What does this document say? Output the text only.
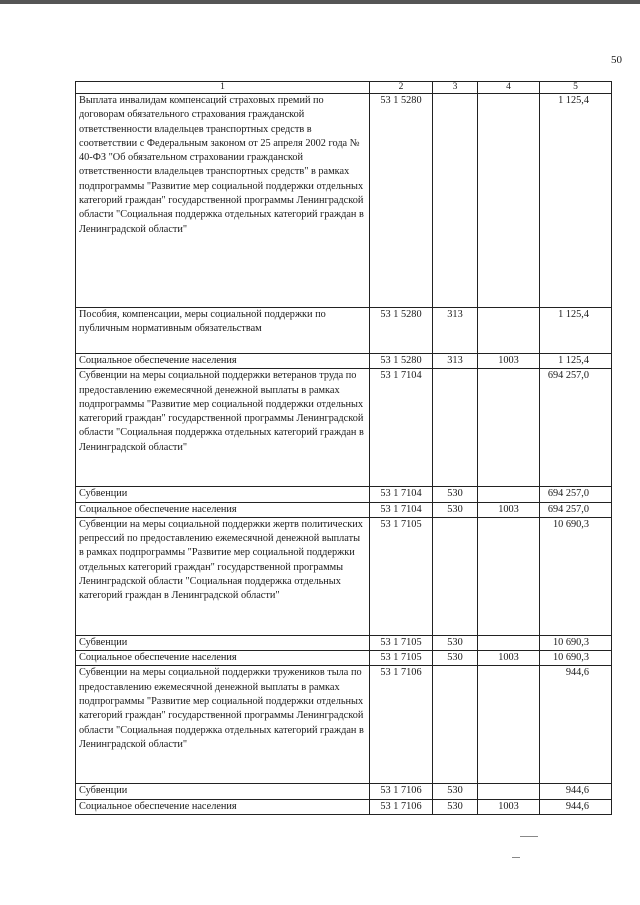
50
1	2	3	4	5
Выплата инвалидам компенсаций страховых премий по договорам обязательного страхования гражданской ответственности владельцев транспортных средств в соответствии с Федеральным законом от 25 апреля 2002 года № 40-ФЗ "Об обязательном страховании гражданской ответственности владельцев транспортных средств" в рамках подпрограммы "Развитие мер социальной поддержки отдельных категорий граждан" государственной программы Ленинградской области "Социальная поддержка отдельных категорий граждан в Ленинградской области"	53 1 5280			1 125,4
Пособия, компенсации, меры социальной поддержки по публичным нормативным обязательствам	53 1 5280	313		1 125,4
Социальное обеспечение населения	53 1 5280	313	1003	1 125,4
Субвенции на меры социальной поддержки ветеранов труда по предоставлению ежемесячной денежной выплаты в рамках подпрограммы "Развитие мер социальной поддержки отдельных категорий граждан" государственной программы Ленинградской области "Социальная поддержка отдельных категорий граждан в Ленинградской области"	53 1 7104			694 257,0
Субвенции	53 1 7104	530		694 257,0
Социальное обеспечение населения	53 1 7104	530	1003	694 257,0
Субвенции на меры социальной поддержки жертв политических репрессий по предоставлению ежемесячной денежной выплаты в рамках подпрограммы "Развитие мер социальной поддержки отдельных категорий граждан" государственной программы Ленинградской области "Социальная поддержка отдельных категорий граждан в Ленинградской области"	53 1 7105			10 690,3
Субвенции	53 1 7105	530		10 690,3
Социальное обеспечение населения	53 1 7105	530	1003	10 690,3
Субвенции на меры социальной поддержки тружеников тыла по предоставлению ежемесячной денежной выплаты в рамках подпрограммы "Развитие мер социальной поддержки отдельных категорий граждан" государственной программы Ленинградской области "Социальная поддержка отдельных категорий граждан в Ленинградской области"	53 1 7106			944,6
Субвенции	53 1 7106	530		944,6
Социальное обеспечение населения	53 1 7106	530	1003	944,6
